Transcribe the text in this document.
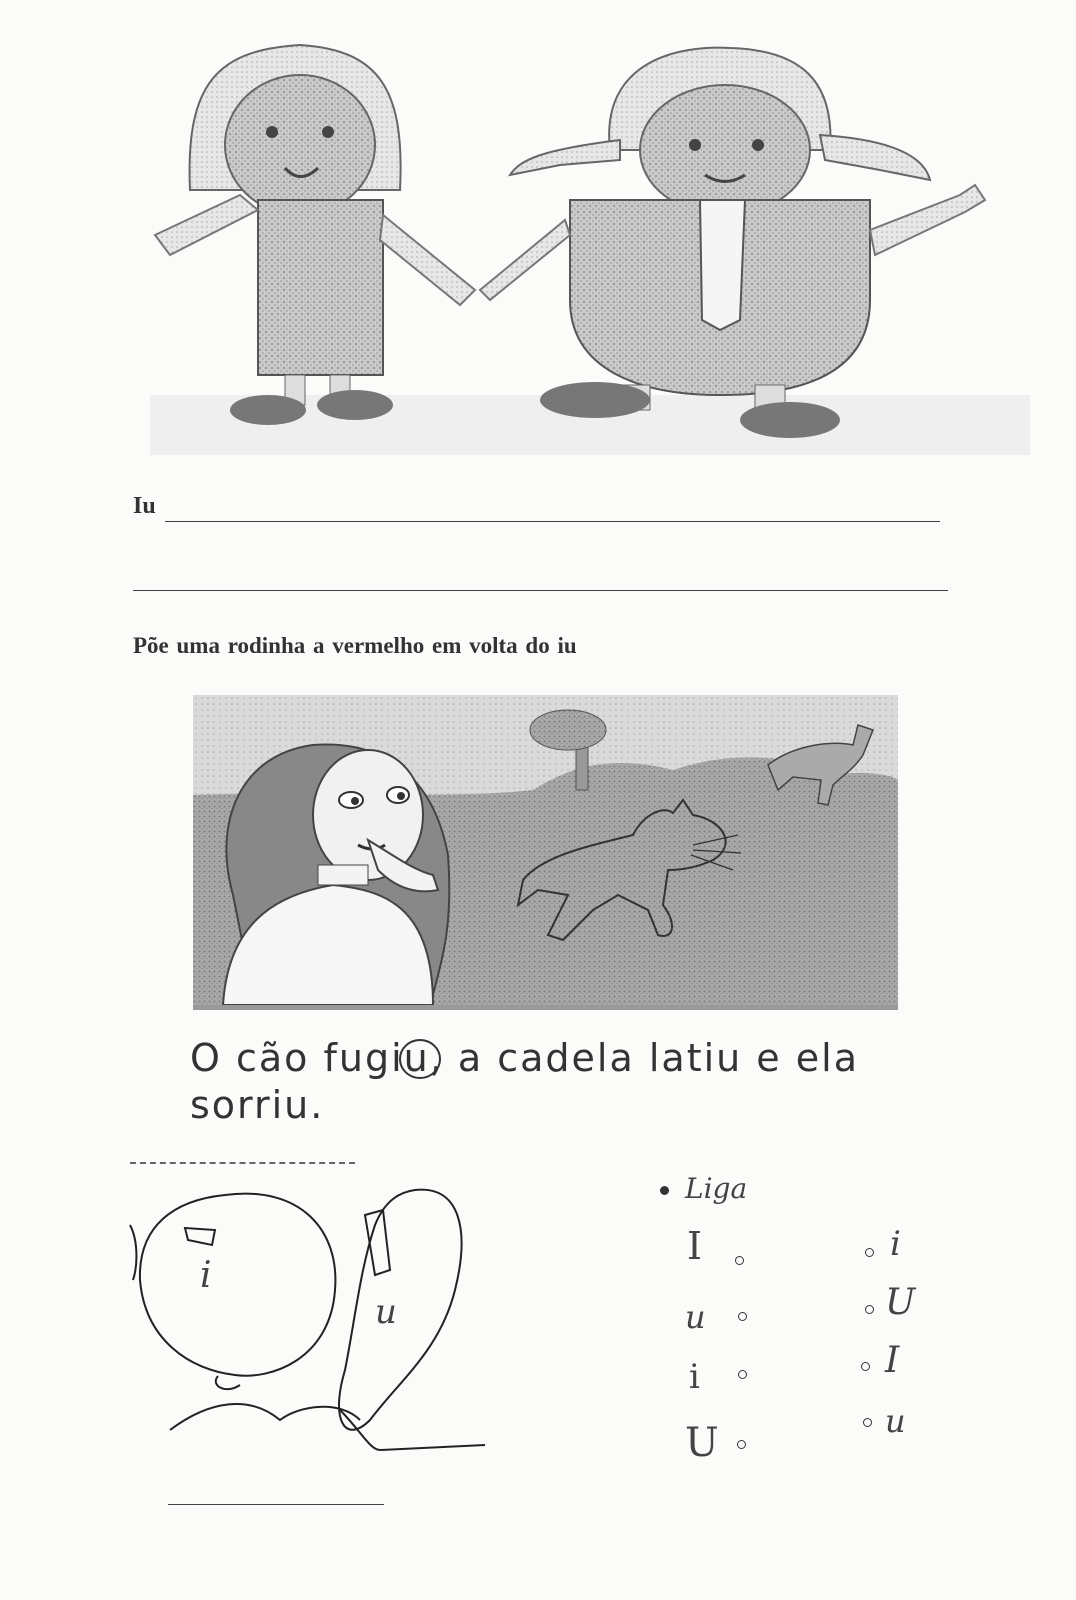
Iu
Põe uma rodinha a vermelho em volta do iu
O cão fugiu, a cadela latiu e ela
sorriu.
i
u
Liga
I
u
i
U
i
U
I
u
